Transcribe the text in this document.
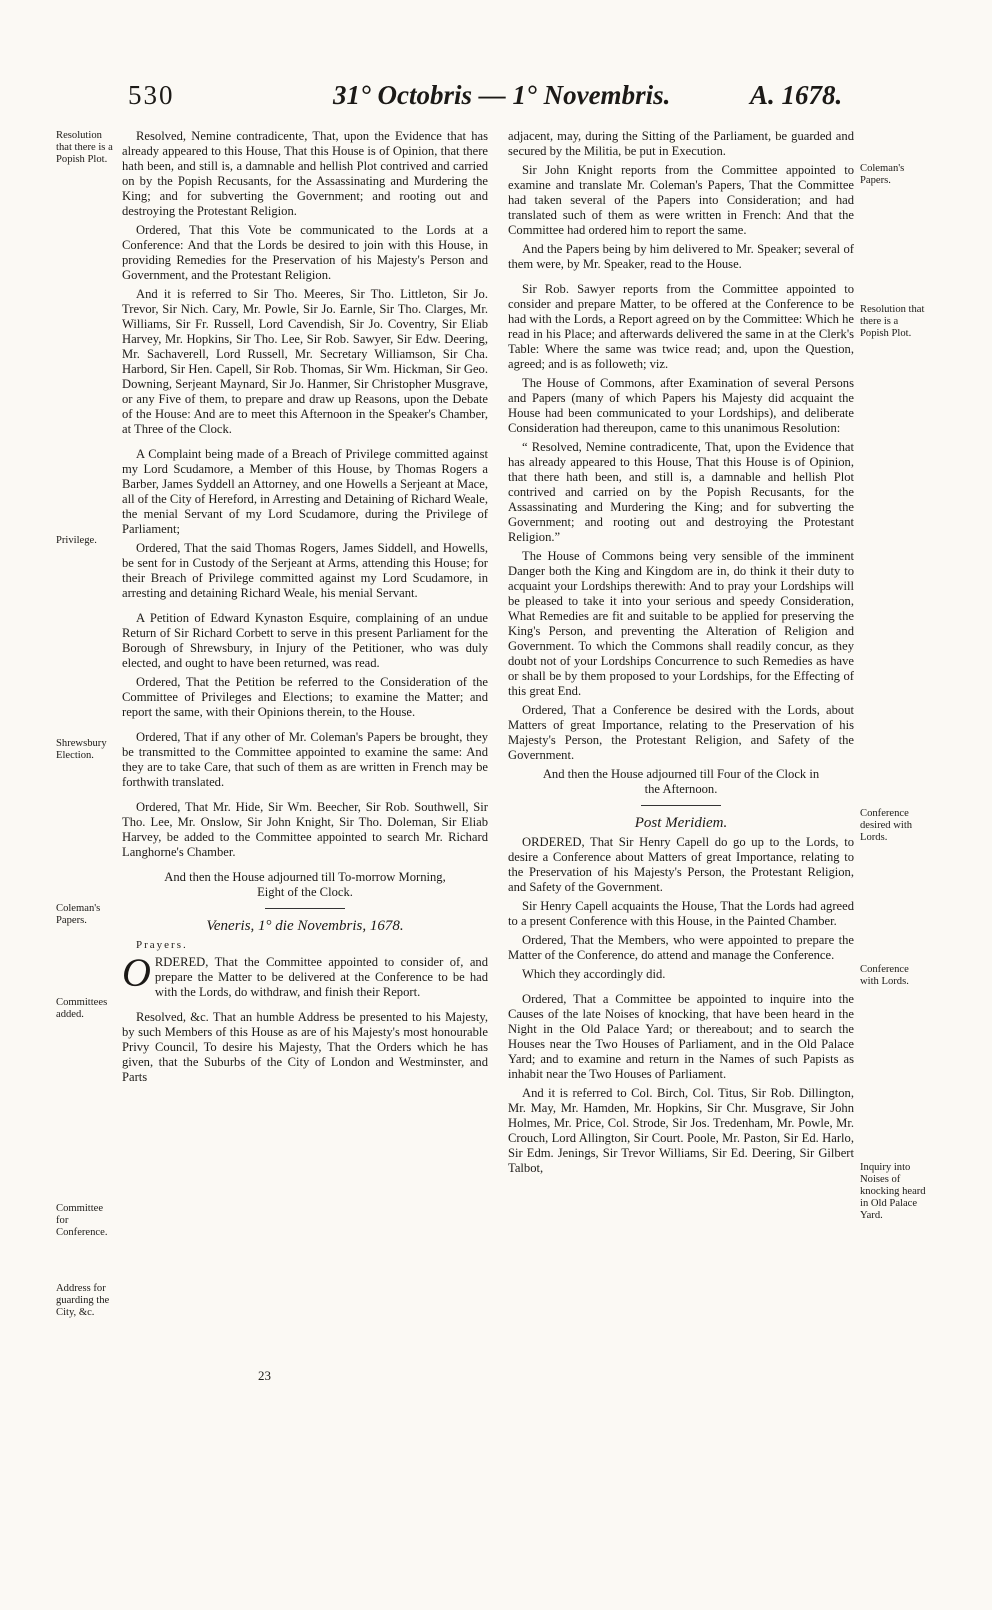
530	31° Octobris — 1° Novembris.	A. 1678.
Resolution that there is a Popish Plot.
Privilege.
Shrewsbury Election.
Coleman's Papers.
Committees added.
Committee for Conference.
Address for guarding the City, &c.
Coleman's Papers.
Resolution that there is a Popish Plot.
Conference desired with Lords.
Conference with Lords.
Inquiry into Noises of knocking heard in Old Palace Yard.

Resolved, Nemine contradicente, That, upon the Evidence that has already appeared to this House, That this House is of Opinion, that there hath been, and still is, a damnable and hellish Plot contrived and carried on by the Popish Recusants, for the Assassinating and Murdering the King; and for subverting the Government; and rooting out and destroying the Protestant Religion.

Ordered, That this Vote be communicated to the Lords at a Conference: And that the Lords be desired to join with this House, in providing Remedies for the Preservation of his Majesty's Person and Government, and the Protestant Religion.

And it is referred to Sir Tho. Meeres, Sir Tho. Littleton, Sir Jo. Trevor, Sir Nich. Cary, Mr. Powle, Sir Jo. Earnle, Sir Tho. Clarges, Mr. Williams, Sir Fr. Russell, Lord Cavendish, Sir Jo. Coventry, Sir Eliab Harvey, Mr. Hopkins, Sir Tho. Lee, Sir Rob. Sawyer, Sir Edw. Deering, Mr. Sachaverell, Lord Russell, Mr. Secretary Williamson, Sir Cha. Harbord, Sir Hen. Capell, Sir Rob. Thomas, Sir Wm. Hickman, Sir Geo. Downing, Serjeant Maynard, Sir Jo. Hanmer, Sir Christopher Musgrave, or any Five of them, to prepare and draw up Reasons, upon the Debate of the House: And are to meet this Afternoon in the Speaker's Chamber, at Three of the Clock.

A Complaint being made of a Breach of Privilege committed against my Lord Scudamore, a Member of this House, by Thomas Rogers a Barber, James Syddell an Attorney, and one Howells a Serjeant at Mace, all of the City of Hereford, in Arresting and Detaining of Richard Weale, the menial Servant of my Lord Scudamore, during the Privilege of Parliament;

Ordered, That the said Thomas Rogers, James Siddell, and Howells, be sent for in Custody of the Serjeant at Arms, attending this House; for their Breach of Privilege committed against my Lord Scudamore, in arresting and detaining Richard Weale, his menial Servant.

A Petition of Edward Kynaston Esquire, complaining of an undue Return of Sir Richard Corbett to serve in this present Parliament for the Borough of Shrewsbury, in Injury of the Petitioner, who was duly elected, and ought to have been returned, was read.

Ordered, That the Petition be referred to the Consideration of the Committee of Privileges and Elections; to examine the Matter; and report the same, with their Opinions therein, to the House.

Ordered, That if any other of Mr. Coleman's Papers be brought, they be transmitted to the Committee appointed to examine the same: And they are to take Care, that such of them as are written in French may be forthwith translated.

Ordered, That Mr. Hide, Sir Wm. Beecher, Sir Rob. Southwell, Sir Tho. Lee, Mr. Onslow, Sir John Knight, Sir Tho. Doleman, Sir Eliab Harvey, be added to the Committee appointed to search Mr. Richard Langhorne's Chamber.

And then the House adjourned till To-morrow Morning, Eight of the Clock.

Veneris, 1° die Novembris, 1678.

Prayers.

ORDERED, That the Committee appointed to consider of, and prepare the Matter to be delivered at the Conference to be had with the Lords, do withdraw, and finish their Report.

Resolved, &c. That an humble Address be presented to his Majesty, by such Members of this House as are of his Majesty's most honourable Privy Council, To desire his Majesty, That the Orders which he has given, that the Suburbs of the City of London and Westminster, and Parts

23

adjacent, may, during the Sitting of the Parliament, be guarded and secured by the Militia, be put in Execution.

Sir John Knight reports from the Committee appointed to examine and translate Mr. Coleman's Papers, That the Committee had taken several of the Papers into Consideration; and had translated such of them as were written in French: And that the Committee had ordered him to report the same.

And the Papers being by him delivered to Mr. Speaker; several of them were, by Mr. Speaker, read to the House.

Sir Rob. Sawyer reports from the Committee appointed to consider and prepare Matter, to be offered at the Conference to be had with the Lords, a Report agreed on by the Committee: Which he read in his Place; and afterwards delivered the same in at the Clerk's Table: Where the same was twice read; and, upon the Question, agreed; and is as followeth; viz.

The House of Commons, after Examination of several Persons and Papers (many of which Papers his Majesty did acquaint the House had been communicated to your Lordships), and deliberate Consideration had thereupon, came to this unanimous Resolution:

“ Resolved, Nemine contradicente, That, upon the Evidence that has already appeared to this House, That this House is of Opinion, that there hath been, and still is, a damnable and hellish Plot contrived and carried on by the Popish Recusants, for the Assassinating and Murdering the King; and for subverting the Government; and rooting out and destroying the Protestant Religion.”

The House of Commons being very sensible of the imminent Danger both the King and Kingdom are in, do think it their duty to acquaint your Lordships therewith: And to pray your Lordships will be pleased to take it into your serious and speedy Consideration, What Remedies are fit and suitable to be applied for preserving the King's Person, and preventing the Alteration of Religion and Government. To which the Commons shall readily concur, as they doubt not of your Lordships Concurrence to such Remedies as have or shall be by them proposed to your Lordships, for the Effecting of this great End.

Ordered, That a Conference be desired with the Lords, about Matters of great Importance, relating to the Preservation of his Majesty's Person, the Protestant Religion, and Safety of the Government.

And then the House adjourned till Four of the Clock in the Afternoon.

Post Meridiem.

ORDERED, That Sir Henry Capell do go up to the Lords, to desire a Conference about Matters of great Importance, relating to the Preservation of his Majesty's Person, the Protestant Religion, and Safety of the Government.

Sir Henry Capell acquaints the House, That the Lords had agreed to a present Conference with this House, in the Painted Chamber.

Ordered, That the Members, who were appointed to prepare the Matter of the Conference, do attend and manage the Conference.

Which they accordingly did.

Ordered, That a Committee be appointed to inquire into the Causes of the late Noises of knocking, that have been heard in the Night in the Old Palace Yard; or thereabout; and to search the Houses near the Two Houses of Parliament, and in the Old Palace Yard; and to examine and return in the Names of such Papists as inhabit near the Two Houses of Parliament.

And it is referred to Col. Birch, Col. Titus, Sir Rob. Dillington, Mr. May, Mr. Hamden, Mr. Hopkins, Sir Chr. Musgrave, Sir John Holmes, Mr. Price, Col. Strode, Sir Jos. Tredenham, Mr. Powle, Mr. Crouch, Lord Allington, Sir Court. Poole, Mr. Paston, Sir Ed. Harlo, Sir Edm. Jenings, Sir Trevor Williams, Sir Ed. Deering, Sir Gilbert Talbot,
